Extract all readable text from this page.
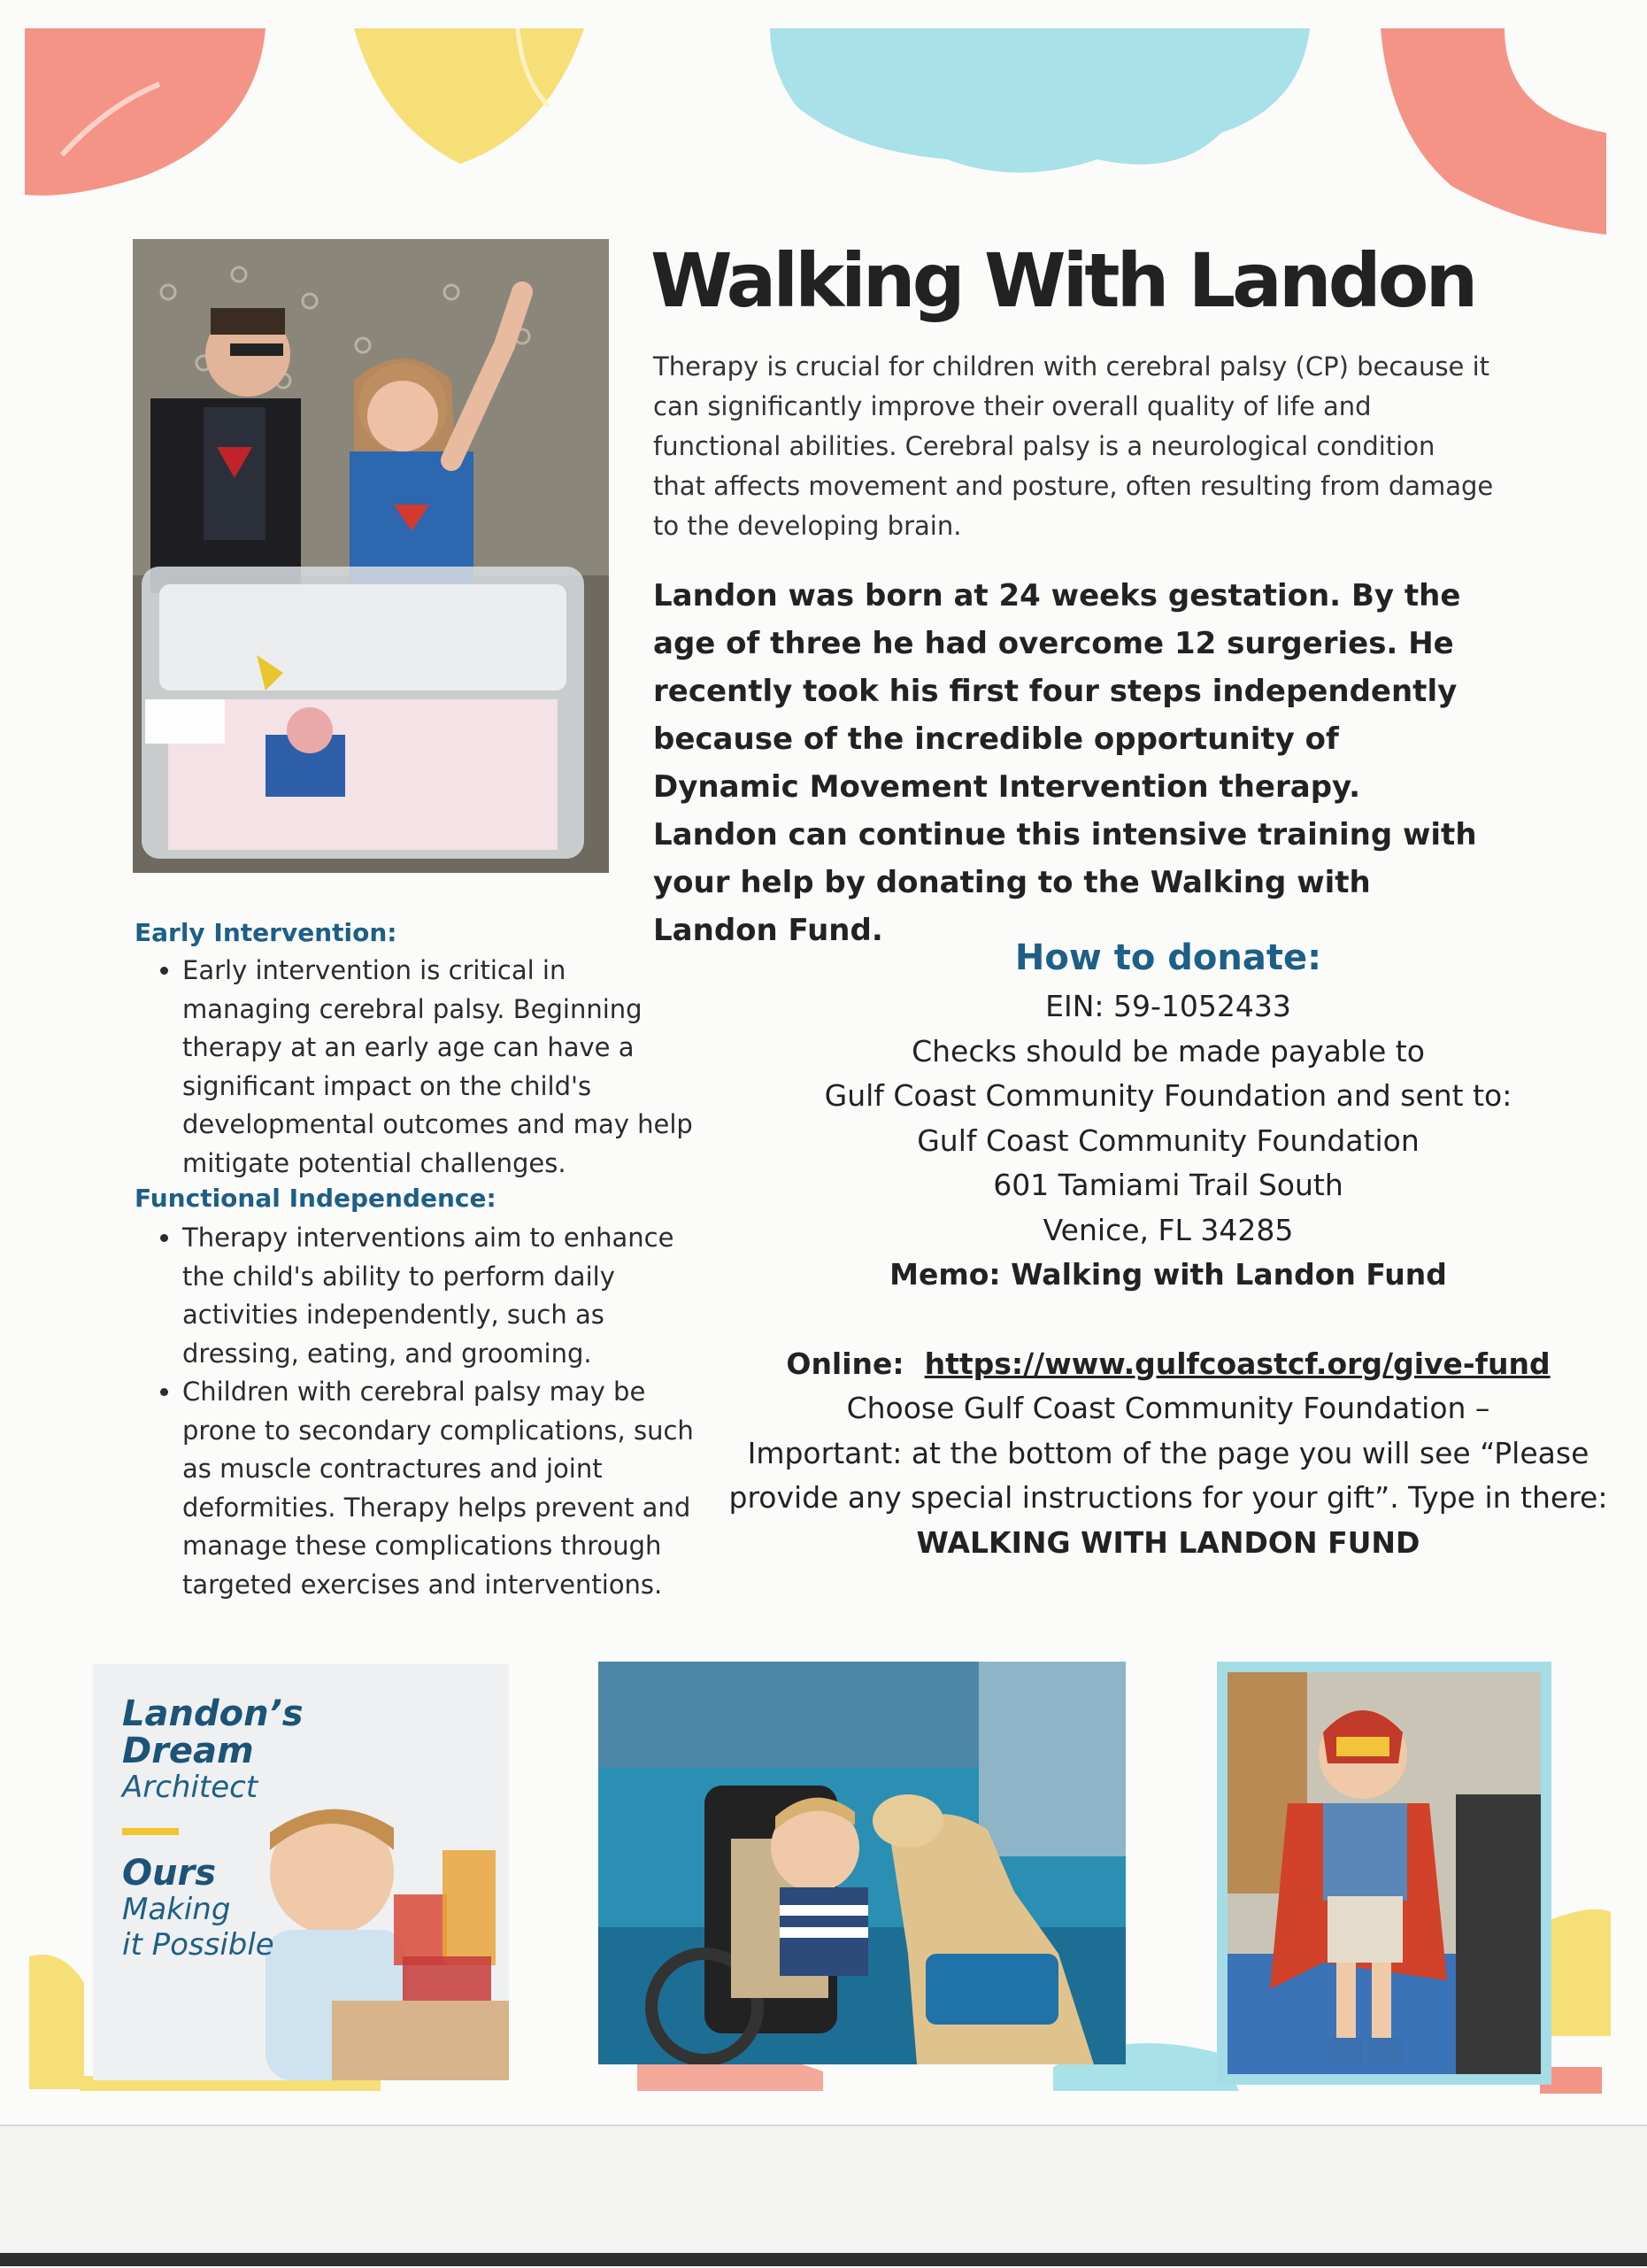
Walking With Landon
Therapy is crucial for children with cerebral palsy (CP) because it can significantly improve their overall quality of life and functional abilities. Cerebral palsy is a neurological condition that affects movement and posture, often resulting from damage to the developing brain.
Landon was born at 24 weeks gestation. By the age of three he had overcome 12 surgeries. He recently took his first four steps independently because of the incredible opportunity of Dynamic Movement Intervention therapy. Landon can continue this intensive training with your help by donating to the Walking with Landon Fund.
Early Intervention:
• Early intervention is critical in managing cerebral palsy. Beginning therapy at an early age can have a significant impact on the child's developmental outcomes and may help mitigate potential challenges.
Functional Independence:
• Therapy interventions aim to enhance the child's ability to perform daily activities independently, such as dressing, eating, and grooming.
• Children with cerebral palsy may be prone to secondary complications, such as muscle contractures and joint deformities. Therapy helps prevent and manage these complications through targeted exercises and interventions.
How to donate:
EIN: 59-1052433
Checks should be made payable to
Gulf Coast Community Foundation and sent to:
Gulf Coast Community Foundation
601 Tamiami Trail South
Venice, FL 34285
Memo: Walking with Landon Fund
Online: https://www.gulfcoastcf.org/give-fund
Choose Gulf Coast Community Foundation –
Important: at the bottom of the page you will see “Please
provide any special instructions for your gift”. Type in there:
WALKING WITH LANDON FUND
Landon’s
Dream
Architect
Ours
Making
it Possible
